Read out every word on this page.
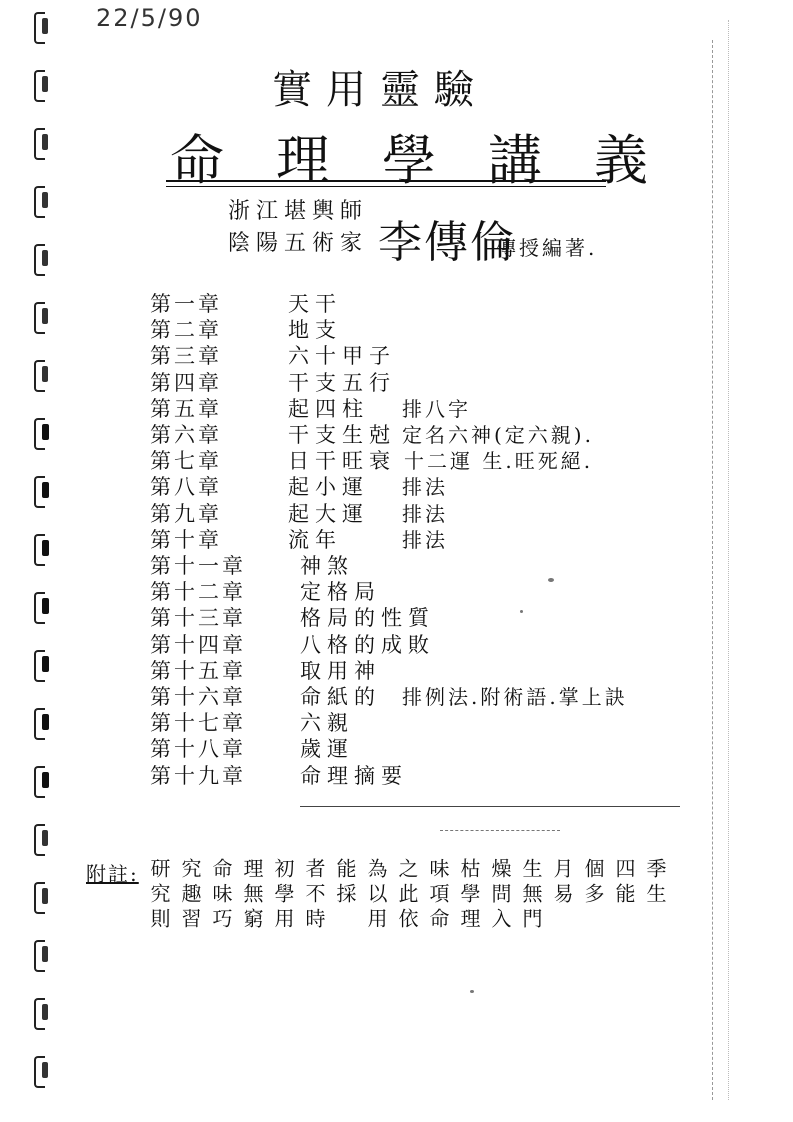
22/5/90
實用靈驗
命理學講義
浙江堪輿師
陰陽五術家 李傳倫
傳授編著.
第一章	天干
第二章	地支
第三章	六十甲子
第四章	干支五行
第五章	起四柱 排八字
第六章	干支生尅 定名六神(定六親).
第七章	日干旺衰 十二運 生.旺死絕.
第八章	起小運 排法
第九章	起大運 排法
第十章	流年	排法
第十一章	神煞
第十二章	定格局
第十三章	格局的性質
第十四章	八格的成敗
第十五章	取用神
第十六章	命紙的 排例法.附術語.掌上訣
第十七章	六親
第十八章	歲運
第十九章	命理摘要
附註: 研究則 究趣習 命味巧 理無窮 初學用 者不時 能採 為以用 之此依 味項命 枯學理 燥問入 生無門 月易 個多 四能 季生
